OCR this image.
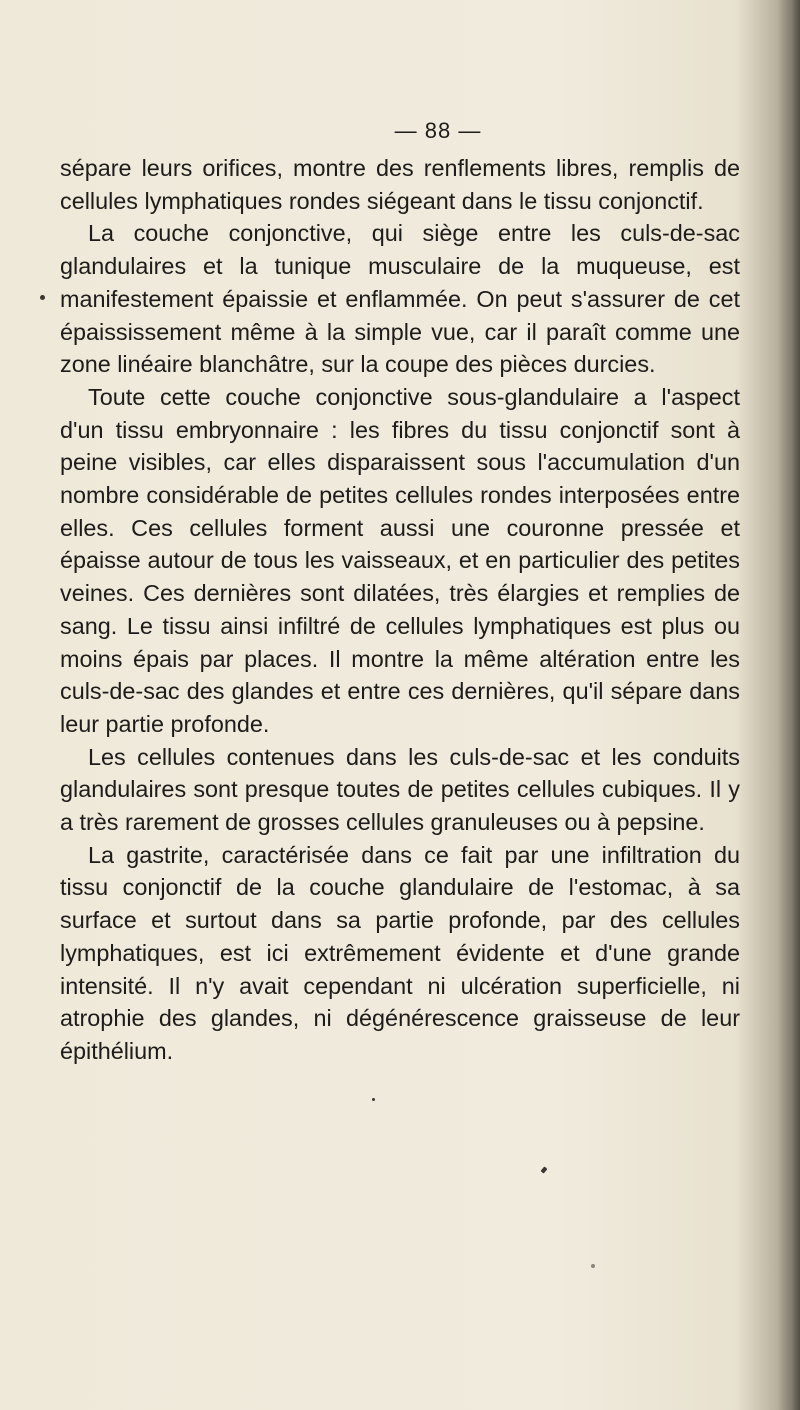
— 88 —

sépare leurs orifices, montre des renflements libres, remplis de cellules lymphatiques rondes siégeant dans le tissu conjonctif.

La couche conjonctive, qui siège entre les culs-de-sac glandulaires et la tunique musculaire de la muqueuse, est manifestement épaissie et enflammée. On peut s'assurer de cet épaississement même à la simple vue, car il paraît comme une zone linéaire blanchâtre, sur la coupe des pièces durcies.

Toute cette couche conjonctive sous-glandulaire a l'aspect d'un tissu embryonnaire : les fibres du tissu conjonctif sont à peine visibles, car elles disparaissent sous l'accumulation d'un nombre considérable de petites cellules rondes interposées entre elles. Ces cellules forment aussi une couronne pressée et épaisse autour de tous les vaisseaux, et en particulier des petites veines. Ces dernières sont dilatées, très élargies et remplies de sang. Le tissu ainsi infiltré de cellules lymphatiques est plus ou moins épais par places. Il montre la même altération entre les culs-de-sac des glandes et entre ces dernières, qu'il sépare dans leur partie profonde.

Les cellules contenues dans les culs-de-sac et les conduits glandulaires sont presque toutes de petites cellules cubiques. Il y a très rarement de grosses cellules granuleuses ou à pepsine.

La gastrite, caractérisée dans ce fait par une infiltration du tissu conjonctif de la couche glandulaire de l'estomac, à sa surface et surtout dans sa partie profonde, par des cellules lymphatiques, est ici extrêmement évidente et d'une grande intensité. Il n'y avait cependant ni ulcération superficielle, ni atrophie des glandes, ni dégénérescence graisseuse de leur épithélium.
